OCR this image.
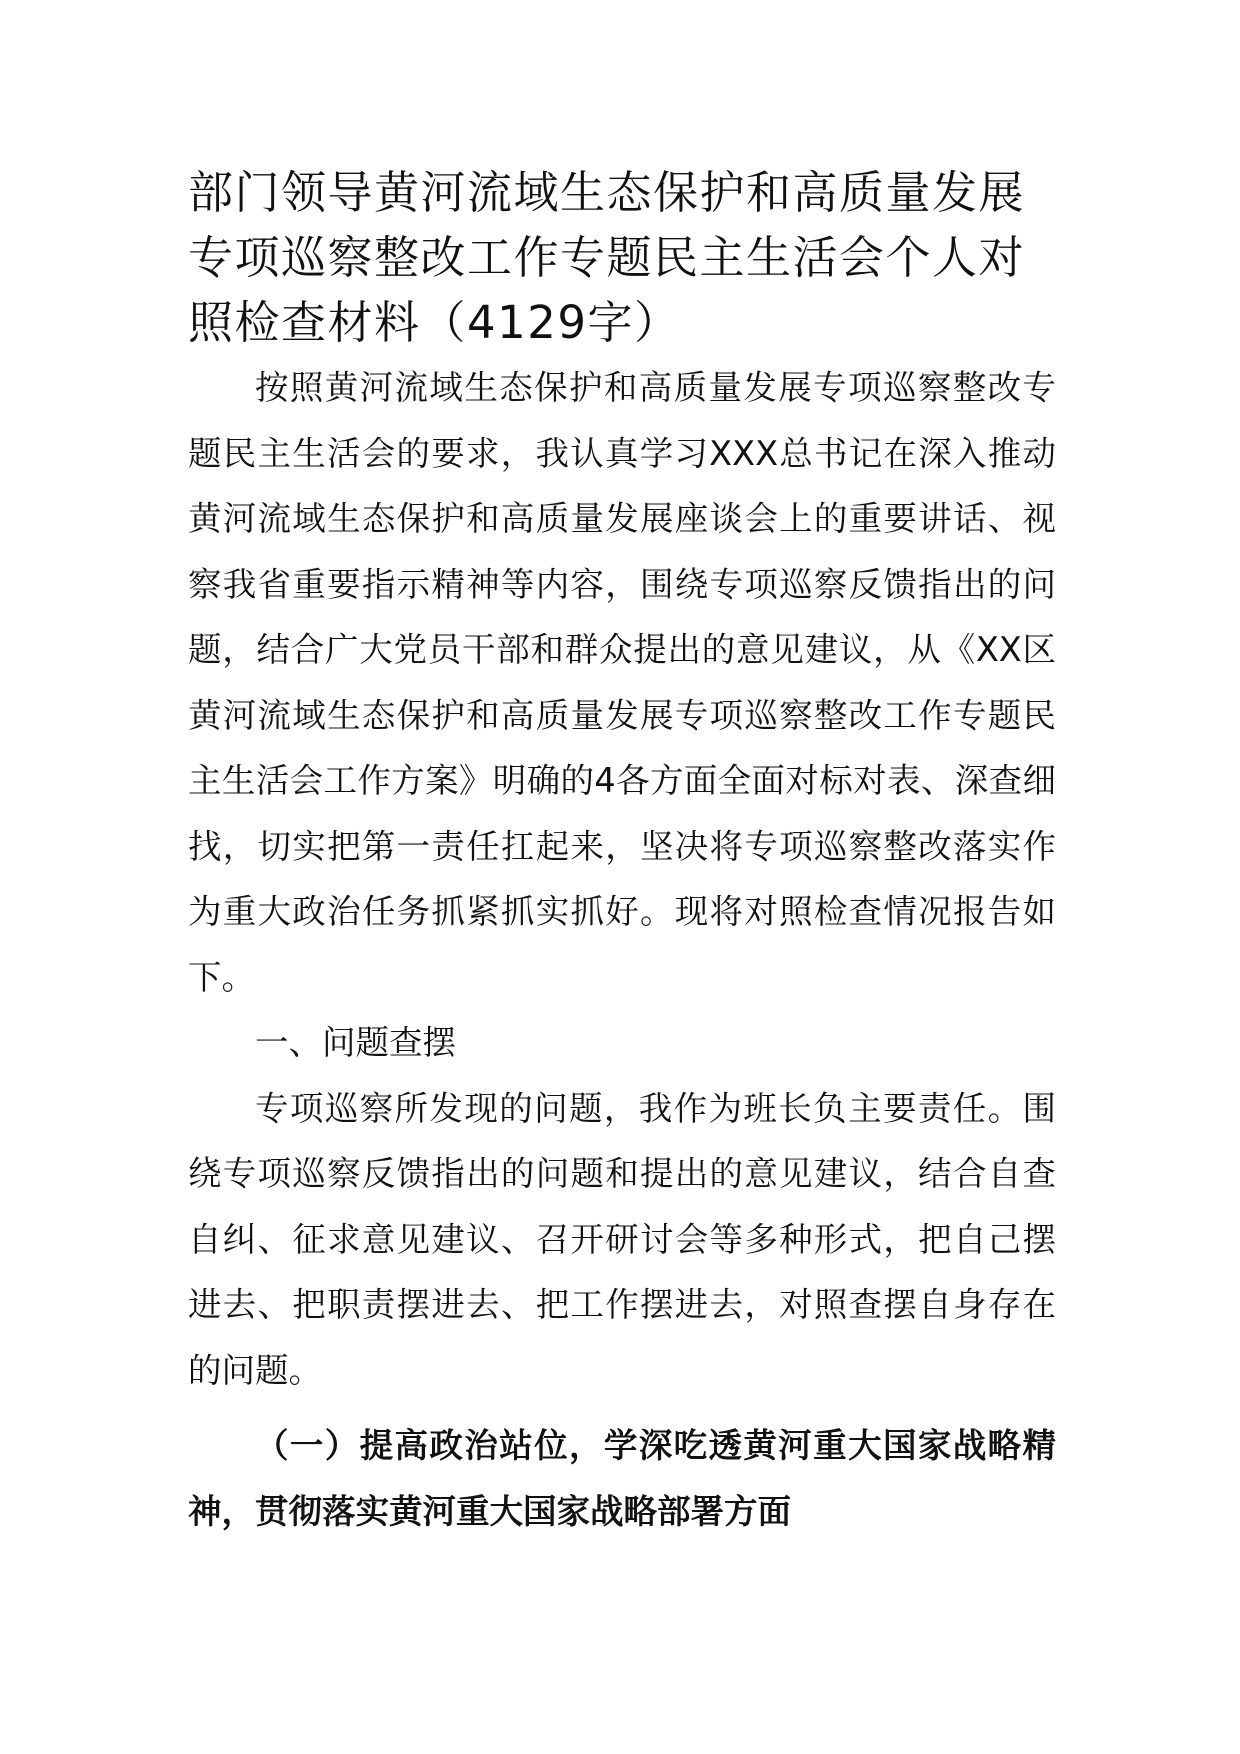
部门领导黄河流域生态保护和高质量发展专项巡察整改工作专题民主生活会个人对照检查材料（4129字）

按照黄河流域生态保护和高质量发展专项巡察整改专题民主生活会的要求，我认真学习XXX总书记在深入推动黄河流域生态保护和高质量发展座谈会上的重要讲话、视察我省重要指示精神等内容，围绕专项巡察反馈指出的问题，结合广大党员干部和群众提出的意见建议，从《XX区黄河流域生态保护和高质量发展专项巡察整改工作专题民主生活会工作方案》明确的4各方面全面对标对表、深查细找，切实把第一责任扛起来，坚决将专项巡察整改落实作为重大政治任务抓紧抓实抓好。现将对照检查情况报告如下。

一、问题查摆

专项巡察所发现的问题，我作为班长负主要责任。围绕专项巡察反馈指出的问题和提出的意见建议，结合自查自纠、征求意见建议、召开研讨会等多种形式，把自己摆进去、把职责摆进去、把工作摆进去，对照查摆自身存在的问题。

（一）提高政治站位，学深吃透黄河重大国家战略精神，贯彻落实黄河重大国家战略部署方面
